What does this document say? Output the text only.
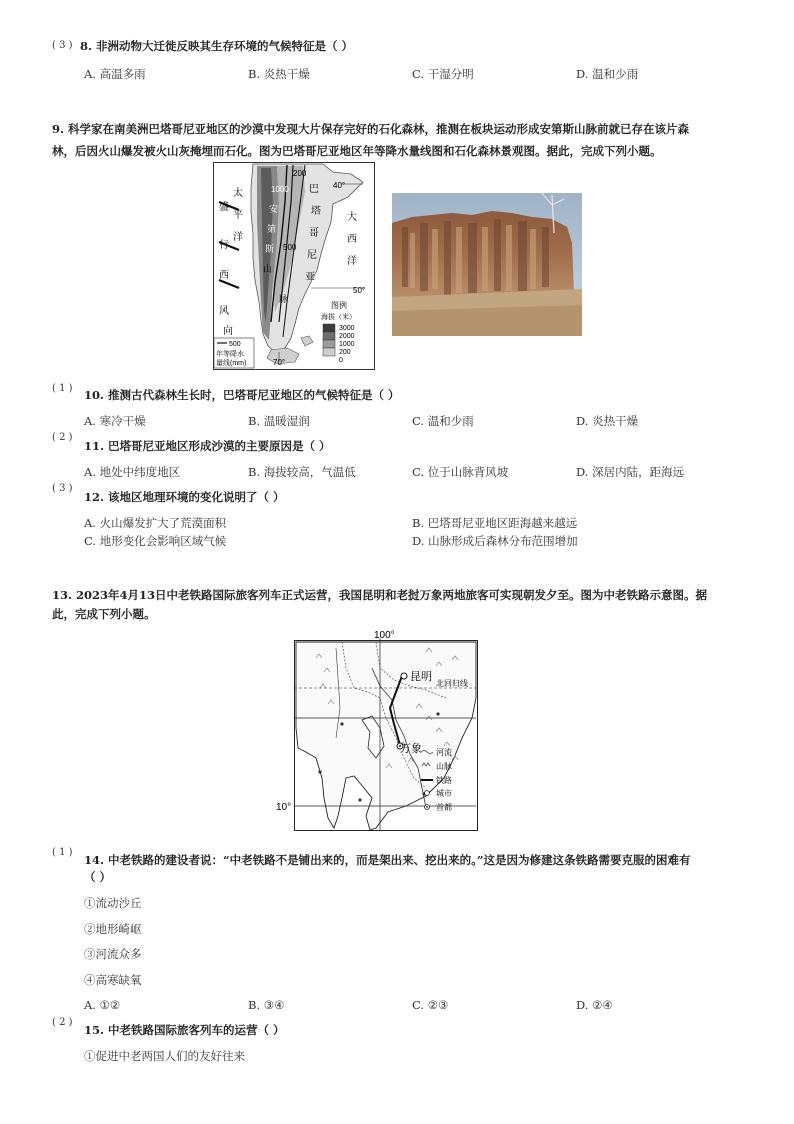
( 3 ) 8. 非洲动物大迁徙反映其生存环境的气候特征是（ ）
A. 高温多雨	B. 炎热干燥	C. 干湿分明	D. 温和少雨
9. 科学家在南美洲巴塔哥尼亚地区的沙漠中发现大片保存完好的石化森林，推测在板块运动形成安第斯山脉前就已存在该片森
林，后因火山爆发被火山灰掩埋而石化。图为巴塔哥尼亚地区年等降水量线图和石化森林景观图。据此，完成下列小题。
40°
50°
70°
太
平
洋
盛
行
西
风
向
大
西
洋
巴
塔
哥
尼
亚
安
第
斯
山
脉
200
1000
500
图例
海拔（米）
3000
2000
1000
200
0
500
年等降水
量线(mm)
( 1 ) 10. 推测古代森林生长时，巴塔哥尼亚地区的气候特征是（ ）
A. 寒冷干燥	B. 温暖湿润	C. 温和少雨	D. 炎热干燥
( 2 )
11. 巴塔哥尼亚地区形成沙漠的主要原因是（ ）
A. 地处中纬度地区	B. 海拔较高，气温低	C. 位于山脉背风坡	D. 深居内陆，距海远
( 3 )
12. 该地区地理环境的变化说明了（ ）
A. 火山爆发扩大了荒漠面积	B. 巴塔哥尼亚地区距海越来越远
C. 地形变化会影响区域气候	D. 山脉形成后森林分布范围增加
13. 2023年4月13日中老铁路国际旅客列车正式运营，我国昆明和老挝万象两地旅客可实现朝发夕至。图为中老铁路示意图。据
此，完成下列小题。
100°
10°
昆明
万象
北回归线
河流
山脉
铁路
城市
首都
( 1 )
14. 中老铁路的建设者说：“中老铁路不是铺出来的，而是架出来、挖出来的。”这是因为修建这条铁路需要克服的困难有
（ ）
①流动沙丘
②地形崎岖
③河流众多
④高寒缺氧
A. ①②	B. ③④	C. ②③	D. ②④
( 2 )
15. 中老铁路国际旅客列车的运营（ ）
①促进中老两国人们的友好往来
